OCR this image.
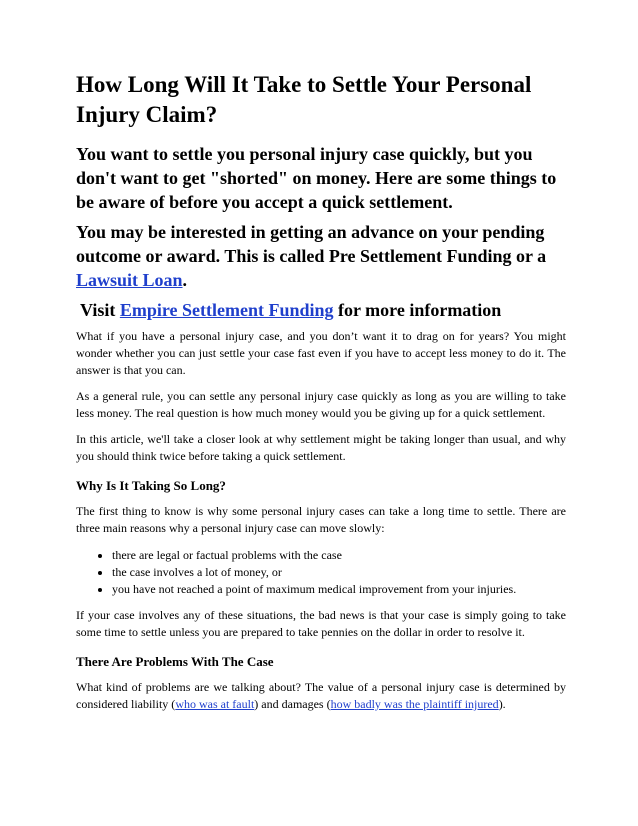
How Long Will It Take to Settle Your Personal Injury Claim?

You want to settle you personal injury case quickly, but you don't want to get "shorted" on money. Here are some things to be aware of before you accept a quick settlement.

You may be interested in getting an advance on your pending outcome or award. This is called Pre Settlement Funding or a Lawsuit Loan.

Visit Empire Settlement Funding for more information

What if you have a personal injury case, and you don’t want it to drag on for years? You might wonder whether you can just settle your case fast even if you have to accept less money to do it. The answer is that you can.

As a general rule, you can settle any personal injury case quickly as long as you are willing to take less money. The real question is how much money would you be giving up for a quick settlement.

In this article, we'll take a closer look at why settlement might be taking longer than usual, and why you should think twice before taking a quick settlement.

Why Is It Taking So Long?

The first thing to know is why some personal injury cases can take a long time to settle. There are three main reasons why a personal injury case can move slowly:

• there are legal or factual problems with the case
• the case involves a lot of money, or
• you have not reached a point of maximum medical improvement from your injuries.

If your case involves any of these situations, the bad news is that your case is simply going to take some time to settle unless you are prepared to take pennies on the dollar in order to resolve it.

There Are Problems With The Case

What kind of problems are we talking about? The value of a personal injury case is determined by considered liability (who was at fault) and damages (how badly was the plaintiff injured).
